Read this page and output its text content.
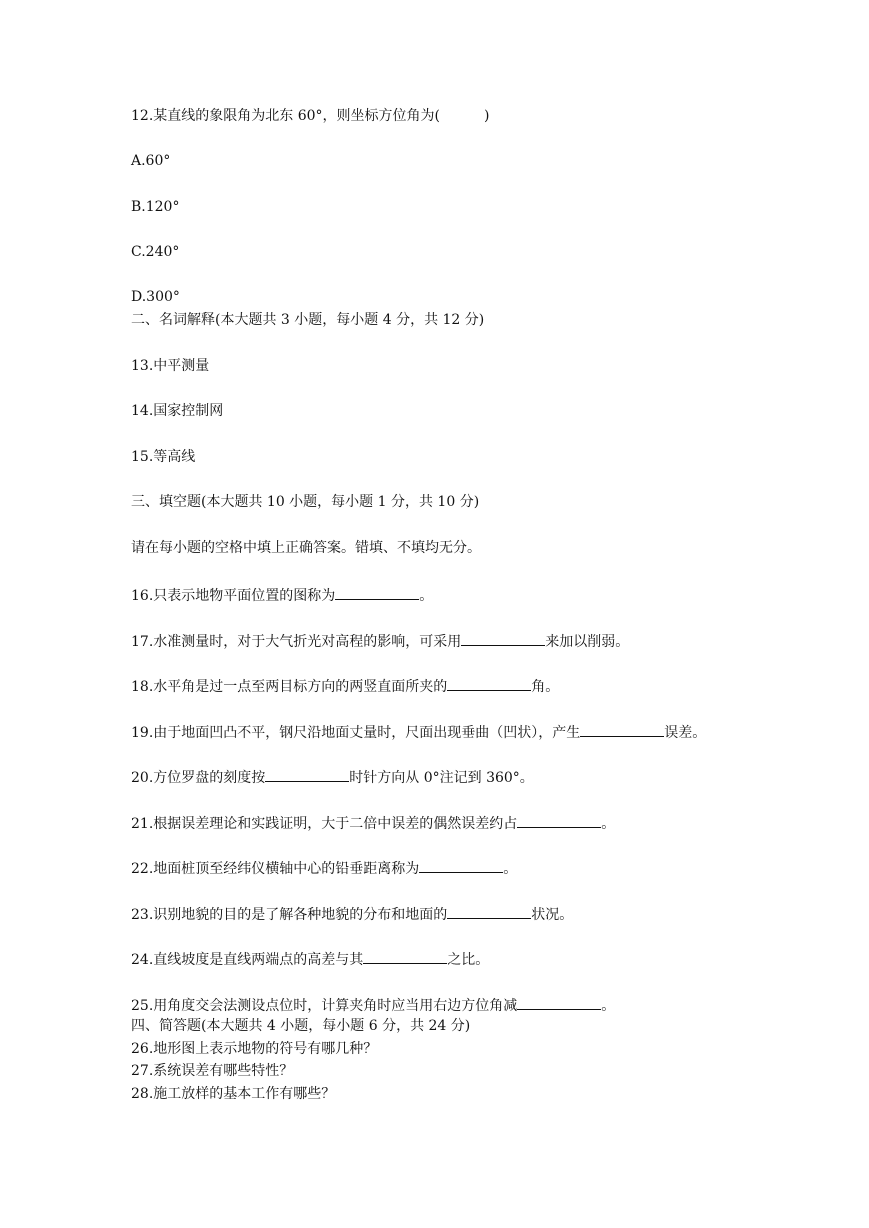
12.某直线的象限角为北东 60°，则坐标方位角为(	)
A.60°
B.120°
C.240°
D.300°
二、名词解释(本大题共 3 小题，每小题 4 分，共 12 分)
13.中平测量
14.国家控制网
15.等高线
三、填空题(本大题共 10 小题，每小题 1 分，共 10 分)
请在每小题的空格中填上正确答案。错填、不填均无分。
16.只表示地物平面位置的图称为	。
17.水准测量时，对于大气折光对高程的影响，可采用	来加以削弱。
18.水平角是过一点至两目标方向的两竖直面所夹的	角。
19.由于地面凹凸不平，钢尺沿地面丈量时，尺面出现垂曲（凹状），产生	误差。
20.方位罗盘的刻度按	时针方向从 0°注记到 360°。
21.根据误差理论和实践证明，大于二倍中误差的偶然误差约占	。
22.地面桩顶至经纬仪横轴中心的铅垂距离称为	。
23.识别地貌的目的是了解各种地貌的分布和地面的	状况。
24.直线坡度是直线两端点的高差与其	之比。
25.用角度交会法测设点位时，计算夹角时应当用右边方位角减	。
四、简答题(本大题共 4 小题，每小题 6 分，共 24 分)
26.地形图上表示地物的符号有哪几种？
27.系统误差有哪些特性？
28.施工放样的基本工作有哪些？
